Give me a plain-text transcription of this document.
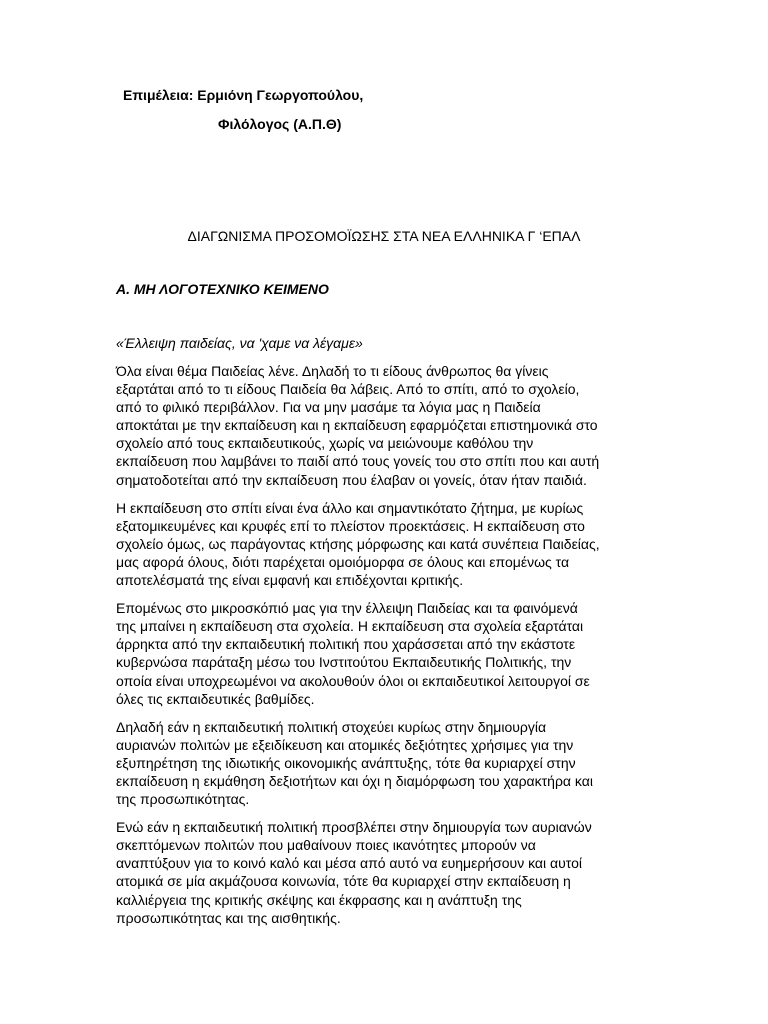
Επιμέλεια: Ερμιόνη Γεωργοπούλου,
Φιλόλογος (Α.Π.Θ)
ΔΙΑΓΩΝΙΣΜΑ ΠΡΟΣΟΜΟΪΩΣΗΣ ΣΤΑ ΝΕΑ ΕΛΛΗΝΙΚΑ Γ ‘ΕΠΑΛ
Α. ΜΗ ΛΟΓΟΤΕΧΝΙΚΟ ΚΕΙΜΕΝΟ
«Έλλειψη παιδείας, να 'χαμε να λέγαμε»
Όλα είναι θέμα Παιδείας λένε. Δηλαδή το τι είδους άνθρωπος θα γίνεις
εξαρτάται από το τι είδους Παιδεία θα λάβεις. Από το σπίτι, από το σχολείο,
από το φιλικό περιβάλλον. Για να μην μασάμε τα λόγια μας η Παιδεία
αποκτάται με την εκπαίδευση και η εκπαίδευση εφαρμόζεται επιστημονικά στο
σχολείο από τους εκπαιδευτικούς, χωρίς να μειώνουμε καθόλου την
εκπαίδευση που λαμβάνει το παιδί από τους γονείς του στο σπίτι που και αυτή
σηματοδοτείται από την εκπαίδευση που έλαβαν οι γονείς, όταν ήταν παιδιά.
Η εκπαίδευση στο σπίτι είναι ένα άλλο και σημαντικότατο ζήτημα, με κυρίως
εξατομικευμένες και κρυφές επί το πλείστον προεκτάσεις. Η εκπαίδευση στο
σχολείο όμως, ως παράγοντας κτήσης μόρφωσης και κατά συνέπεια Παιδείας,
μας αφορά όλους, διότι παρέχεται ομοιόμορφα σε όλους και επομένως τα
αποτελέσματά της είναι εμφανή και επιδέχονται κριτικής.
Επομένως στο μικροσκόπιό μας για την έλλειψη Παιδείας και τα φαινόμενά
της μπαίνει η εκπαίδευση στα σχολεία. Η εκπαίδευση στα σχολεία εξαρτάται
άρρηκτα από την εκπαιδευτική πολιτική που χαράσσεται από την εκάστοτε
κυβερνώσα παράταξη μέσω του Ινστιτούτου Εκπαιδευτικής Πολιτικής, την
οποία είναι υποχρεωμένοι να ακολουθούν όλοι οι εκπαιδευτικοί λειτουργοί σε
όλες τις εκπαιδευτικές βαθμίδες.
Δηλαδή εάν η εκπαιδευτική πολιτική στοχεύει κυρίως στην δημιουργία
αυριανών πολιτών με εξειδίκευση και ατομικές δεξιότητες χρήσιμες για την
εξυπηρέτηση της ιδιωτικής οικονομικής ανάπτυξης, τότε θα κυριαρχεί στην
εκπαίδευση η εκμάθηση δεξιοτήτων και όχι η διαμόρφωση του χαρακτήρα και
της προσωπικότητας.
Ενώ εάν η εκπαιδευτική πολιτική προσβλέπει στην δημιουργία των αυριανών
σκεπτόμενων πολιτών που μαθαίνουν ποιες ικανότητες μπορούν να
αναπτύξουν για το κοινό καλό και μέσα από αυτό να ευημερήσουν και αυτοί
ατομικά σε μία ακμάζουσα κοινωνία, τότε θα κυριαρχεί στην εκπαίδευση η
καλλιέργεια της κριτικής σκέψης και έκφρασης και η ανάπτυξη της
προσωπικότητας και της αισθητικής.
